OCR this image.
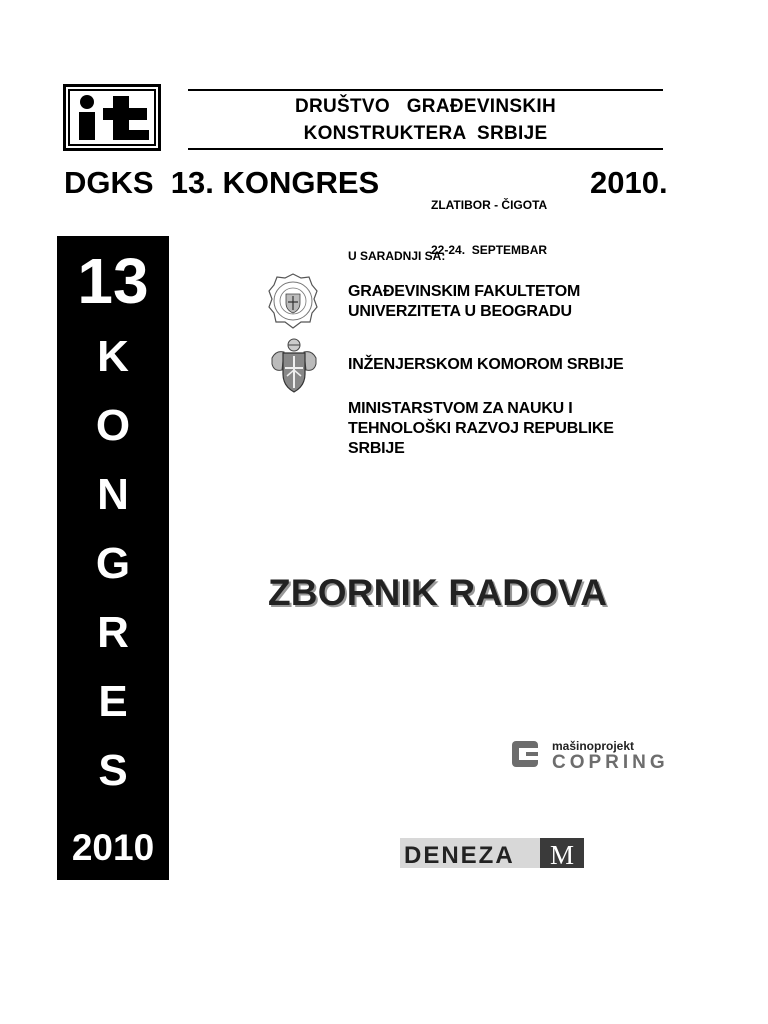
DRUŠTVO   GRAĐEVINSKIH
KONSTRUKTERA  SRBIJE
DGKS  13. KONGRES

ZLATIBOR - ČIGOTA

22-24.  SEPTEMBAR

2010.
13
K
O
N
G
R
E
S
2010
U SARADNJI SA:
GRAĐEVINSKIM FAKULTETOM
UNIVERZITETA U BEOGRADU
INŽENJERSKOM KOMOROM SRBIJE
MINISTARSTVOM ZA NAUKU I
TEHNOLOŠKI RAZVOJ REPUBLIKE
SRBIJE
ZBORNIK RADOVA
mašinoprojekt
COPRING
DENEZA M
